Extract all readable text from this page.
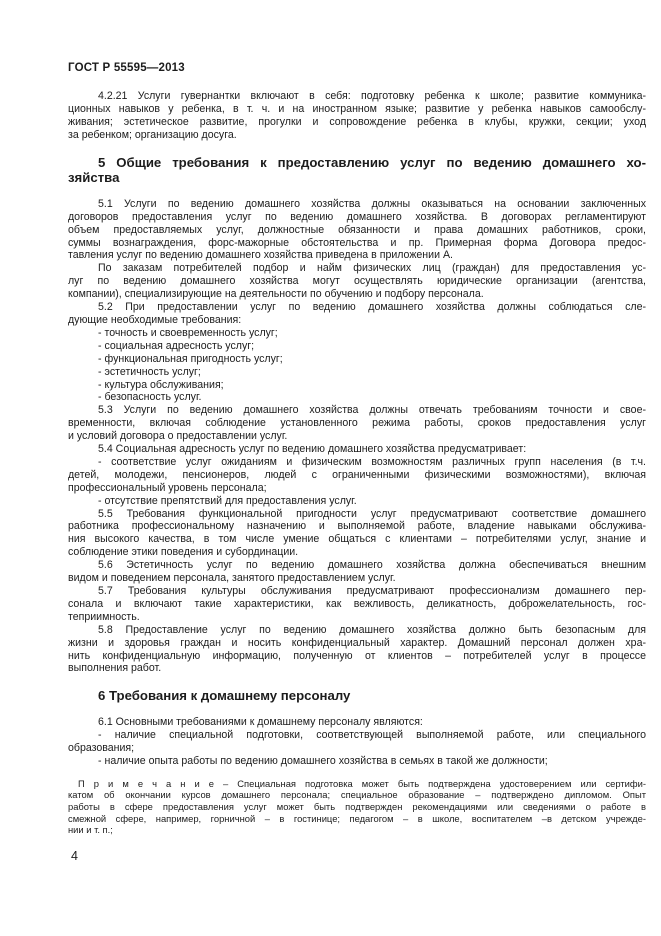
ГОСТ Р 55595—2013
4.2.21 Услуги гувернантки включают в себя: подготовку ребенка к школе; развитие коммуника-
ционных навыков у ребенка, в т. ч. и на иностранном языке; развитие у ребенка навыков самообслу-
живания; эстетическое развитие, прогулки и сопровождение ребенка в клубы, кружки, секции; уход
за ребенком; организацию досуга.
5 Общие требования к предоставлению услуг по ведению домашнего хо-
зяйства
5.1 Услуги по ведению домашнего хозяйства должны оказываться на основании заключенных
договоров предоставления услуг по ведению домашнего хозяйства. В договорах регламентируют
объем предоставляемых услуг, должностные обязанности и права домашних работников, сроки,
суммы вознаграждения, форс-мажорные обстоятельства и пр. Примерная форма Договора предос-
тавления услуг по ведению домашнего хозяйства приведена в приложении А.
По заказам потребителей подбор и найм физических лиц (граждан) для предоставления ус-
луг по ведению домашнего хозяйства могут осуществлять юридические организации (агентства,
компании), специализирующие на деятельности по обучению и подбору персонала.
5.2 При предоставлении услуг по ведению домашнего хозяйства должны соблюдаться сле-
дующие необходимые требования:
- точность и своевременность услуг;
- социальная адресность услуг;
- функциональная пригодность услуг;
- эстетичность услуг;
- культура обслуживания;
- безопасность услуг.
5.3 Услуги по ведению домашнего хозяйства должны отвечать требованиям точности и свое-
временности, включая соблюдение установленного режима работы, сроков предоставления услуг
и условий договора о предоставлении услуг.
5.4 Социальная адресность услуг по ведению домашнего хозяйства предусматривает:
- соответствие услуг ожиданиям и физическим возможностям различных групп населения (в т.ч.
детей, молодежи, пенсионеров, людей с ограниченными физическими возможностями), включая
профессиональный уровень персонала;
- отсутствие препятствий для предоставления услуг.
5.5 Требования функциональной пригодности услуг предусматривают соответствие домашнего
работника профессиональному назначению и выполняемой работе, владение навыками обслужива-
ния высокого качества, в том числе умение общаться с клиентами – потребителями услуг, знание и
соблюдение этики поведения и субординации.
5.6 Эстетичность услуг по ведению домашнего хозяйства должна обеспечиваться внешним
видом и поведением персонала, занятого предоставлением услуг.
5.7 Требования культуры обслуживания предусматривают профессионализм домашнего пер-
сонала и включают такие характеристики, как вежливость, деликатность, доброжелательность, гос-
теприимность.
5.8 Предоставление услуг по ведению домашнего хозяйства должно быть безопасным для
жизни и здоровья граждан и носить конфиденциальный характер. Домашний персонал должен хра-
нить конфиденциальную информацию, полученную от клиентов – потребителей услуг в процессе
выполнения работ.
6 Требования к домашнему персоналу
6.1 Основными требованиями к домашнему персоналу являются:
- наличие специальной подготовки, соответствующей выполняемой работе, или специального
образования;
- наличие опыта работы по ведению домашнего хозяйства в семьях в такой же должности;
П р и м е ч а н и е – Специальная подготовка может быть подтверждена удостоверением или сертифи-
катом об окончании курсов домашнего персонала; специальное образование – подтверждено дипломом. Опыт
работы в сфере предоставления услуг может быть подтвержден рекомендациями или сведениями о работе в
смежной сфере, например, горничной – в гостинице; педагогом – в школе, воспитателем –в детском учрежде-
нии и т. п.;
4
